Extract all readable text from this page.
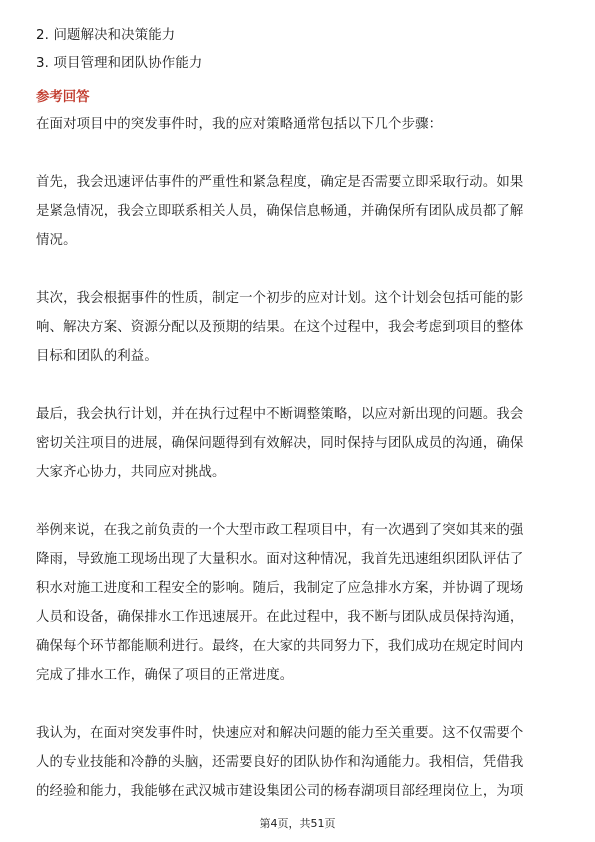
2. 问题解决和决策能力
3. 项目管理和团队协作能力
参考回答
在面对项目中的突发事件时，我的应对策略通常包括以下几个步骤：
首先，我会迅速评估事件的严重性和紧急程度，确定是否需要立即采取行动。如果
是紧急情况，我会立即联系相关人员，确保信息畅通，并确保所有团队成员都了解
情况。
其次，我会根据事件的性质，制定一个初步的应对计划。这个计划会包括可能的影
响、解决方案、资源分配以及预期的结果。在这个过程中，我会考虑到项目的整体
目标和团队的利益。
最后，我会执行计划，并在执行过程中不断调整策略，以应对新出现的问题。我会
密切关注项目的进展，确保问题得到有效解决，同时保持与团队成员的沟通，确保
大家齐心协力，共同应对挑战。
举例来说，在我之前负责的一个大型市政工程项目中，有一次遇到了突如其来的强
降雨，导致施工现场出现了大量积水。面对这种情况，我首先迅速组织团队评估了
积水对施工进度和工程安全的影响。随后，我制定了应急排水方案，并协调了现场
人员和设备，确保排水工作迅速展开。在此过程中，我不断与团队成员保持沟通，
确保每个环节都能顺利进行。最终，在大家的共同努力下，我们成功在规定时间内
完成了排水工作，确保了项目的正常进度。
我认为，在面对突发事件时，快速应对和解决问题的能力至关重要。这不仅需要个
人的专业技能和冷静的头脑，还需要良好的团队协作和沟通能力。我相信，凭借我
的经验和能力，我能够在武汉城市建设集团公司的杨春湖项目部经理岗位上，为项
第4页，共51页
